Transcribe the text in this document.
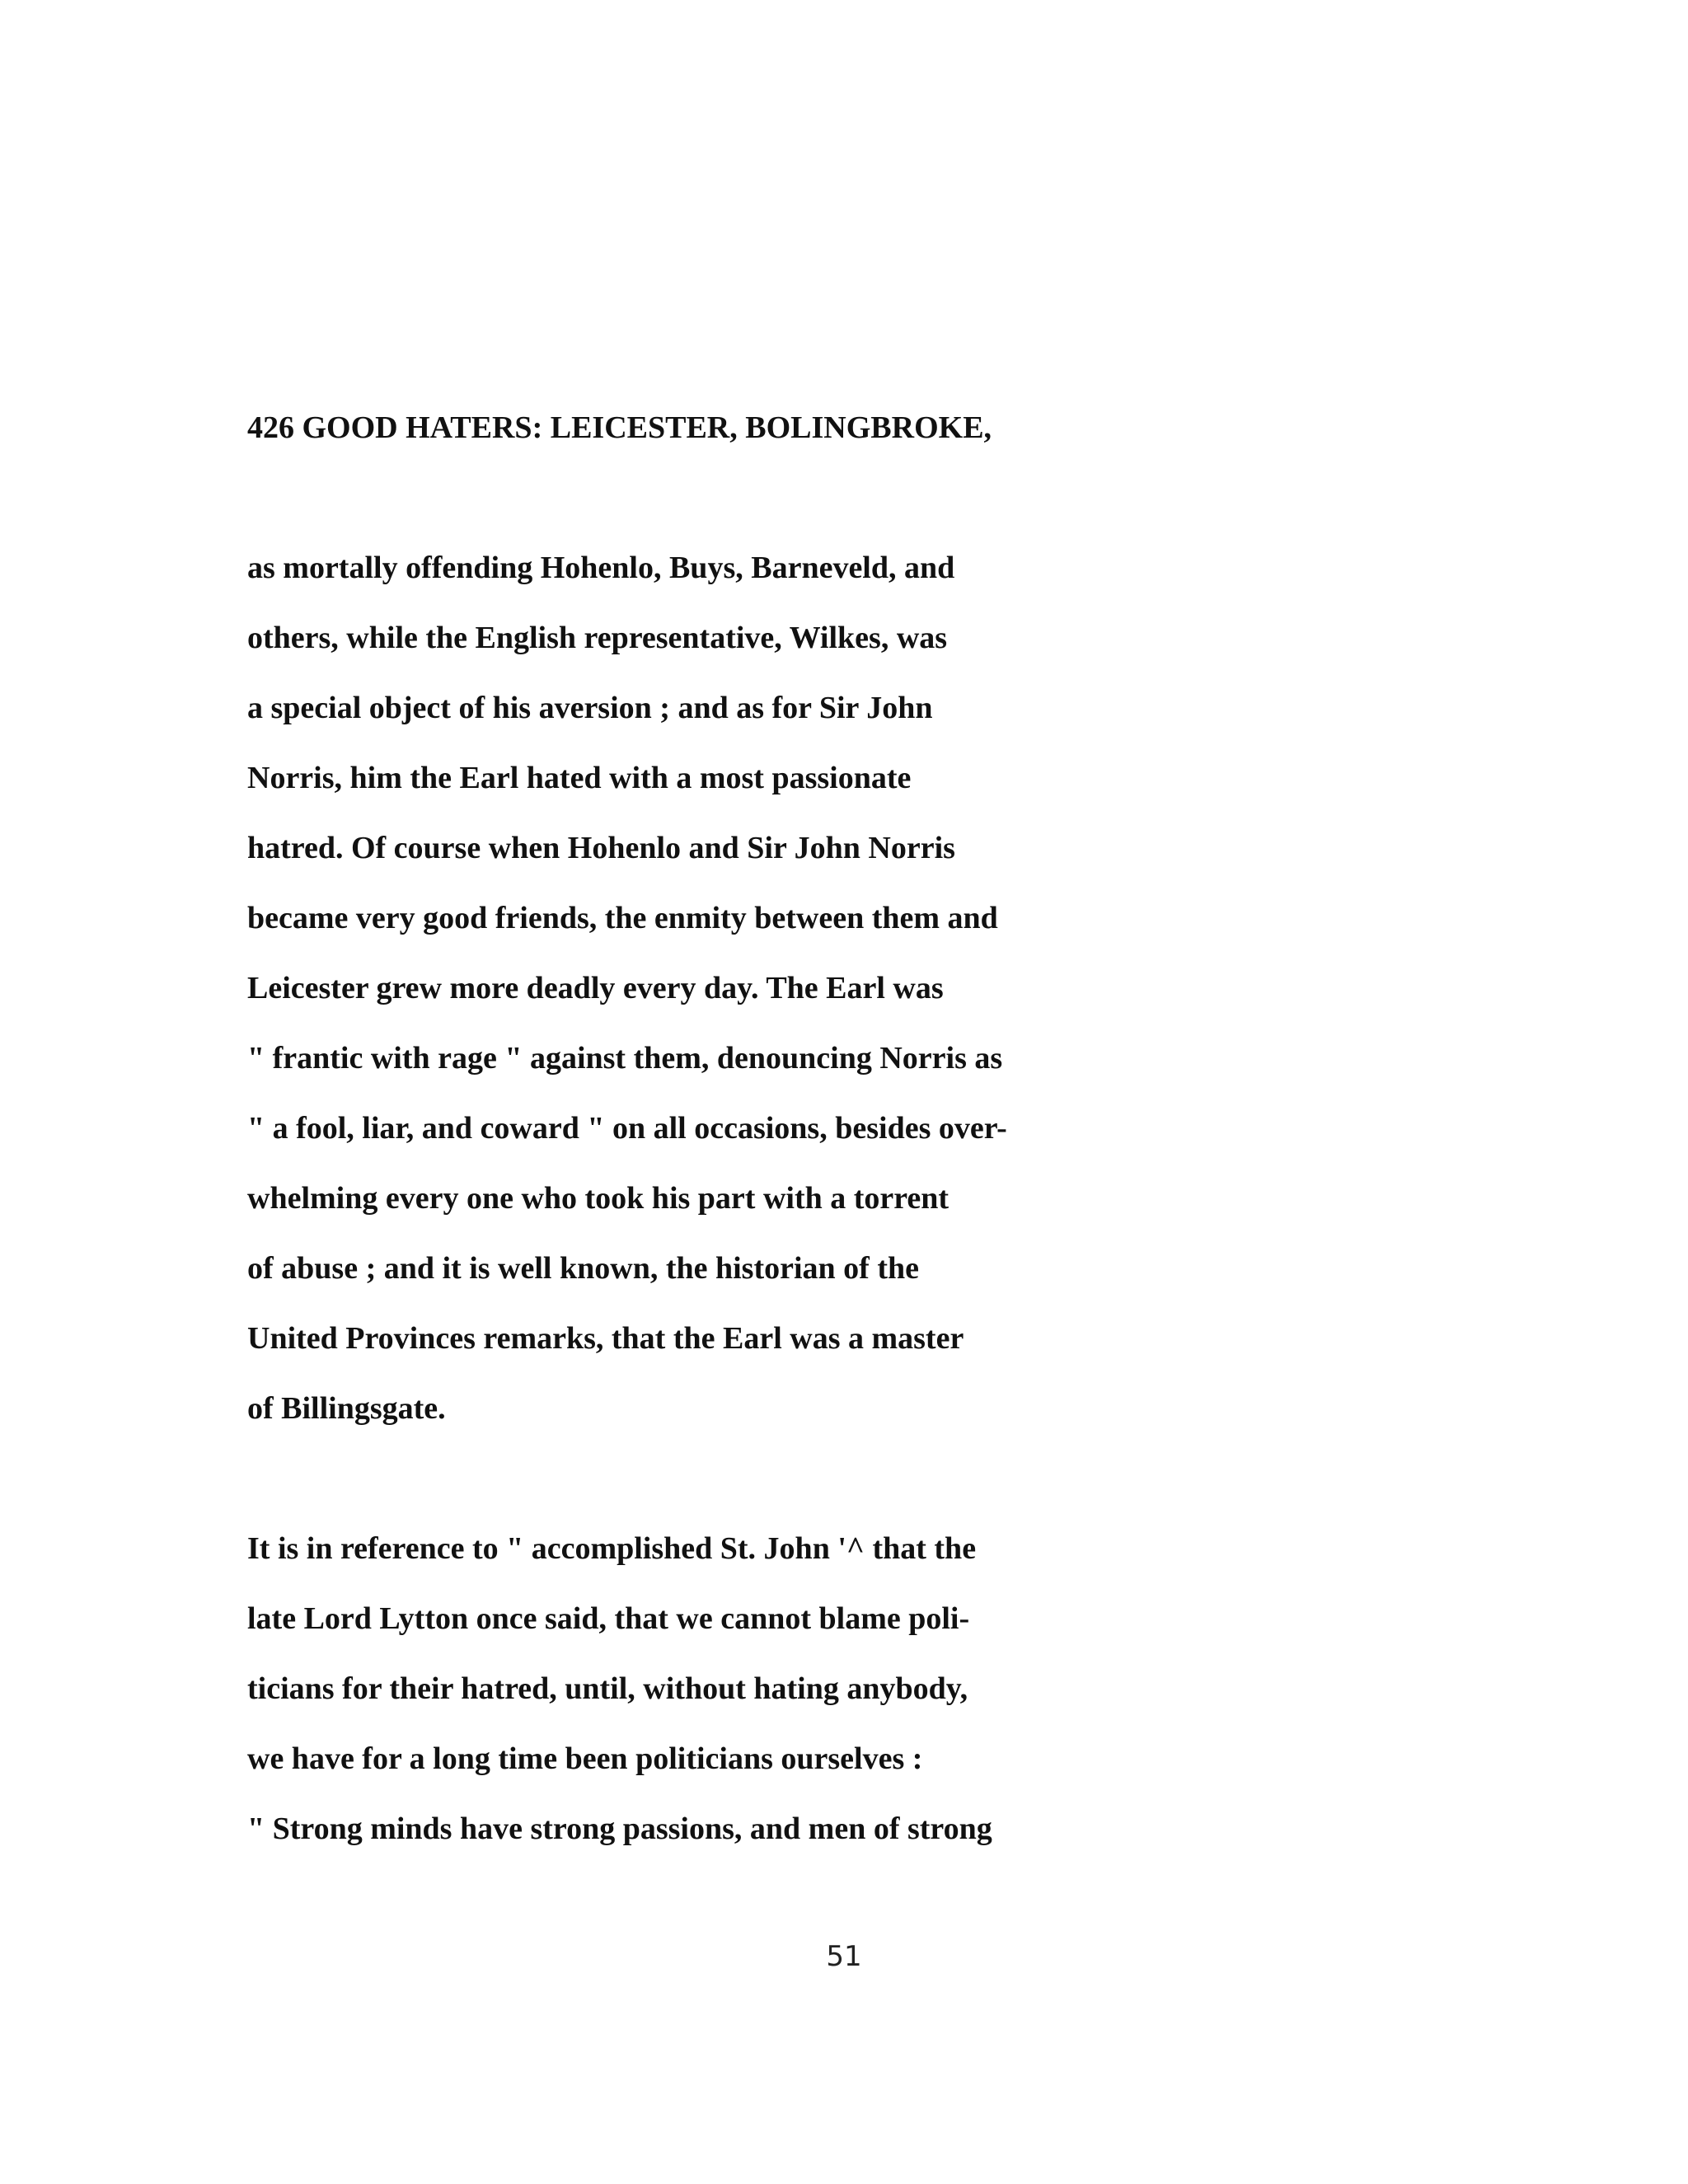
426 GOOD HATERS: LEICESTER, BOLINGBROKE,

as mortally offending Hohenlo, Buys, Barneveld, and

others, while the English representative, Wilkes, was

a special object of his aversion ; and as for Sir John

Norris, him the Earl hated with a most passionate

hatred. Of course when Hohenlo and Sir John Norris

became very good friends, the enmity between them and

Leicester grew more deadly every day. The Earl was

" frantic with rage " against them, denouncing Norris as

" a fool, liar, and coward " on all occasions, besides over-

whelming every one who took his part with a torrent

of abuse ; and it is well known, the historian of the

United Provinces remarks, that the Earl was a master

of Billingsgate.

It is in reference to " accomplished St. John '^ that the

late Lord Lytton once said, that we cannot blame poli-

ticians for their hatred, until, without hating anybody,

we have for a long time been politicians ourselves :

" Strong minds have strong passions, and men of strong

51
